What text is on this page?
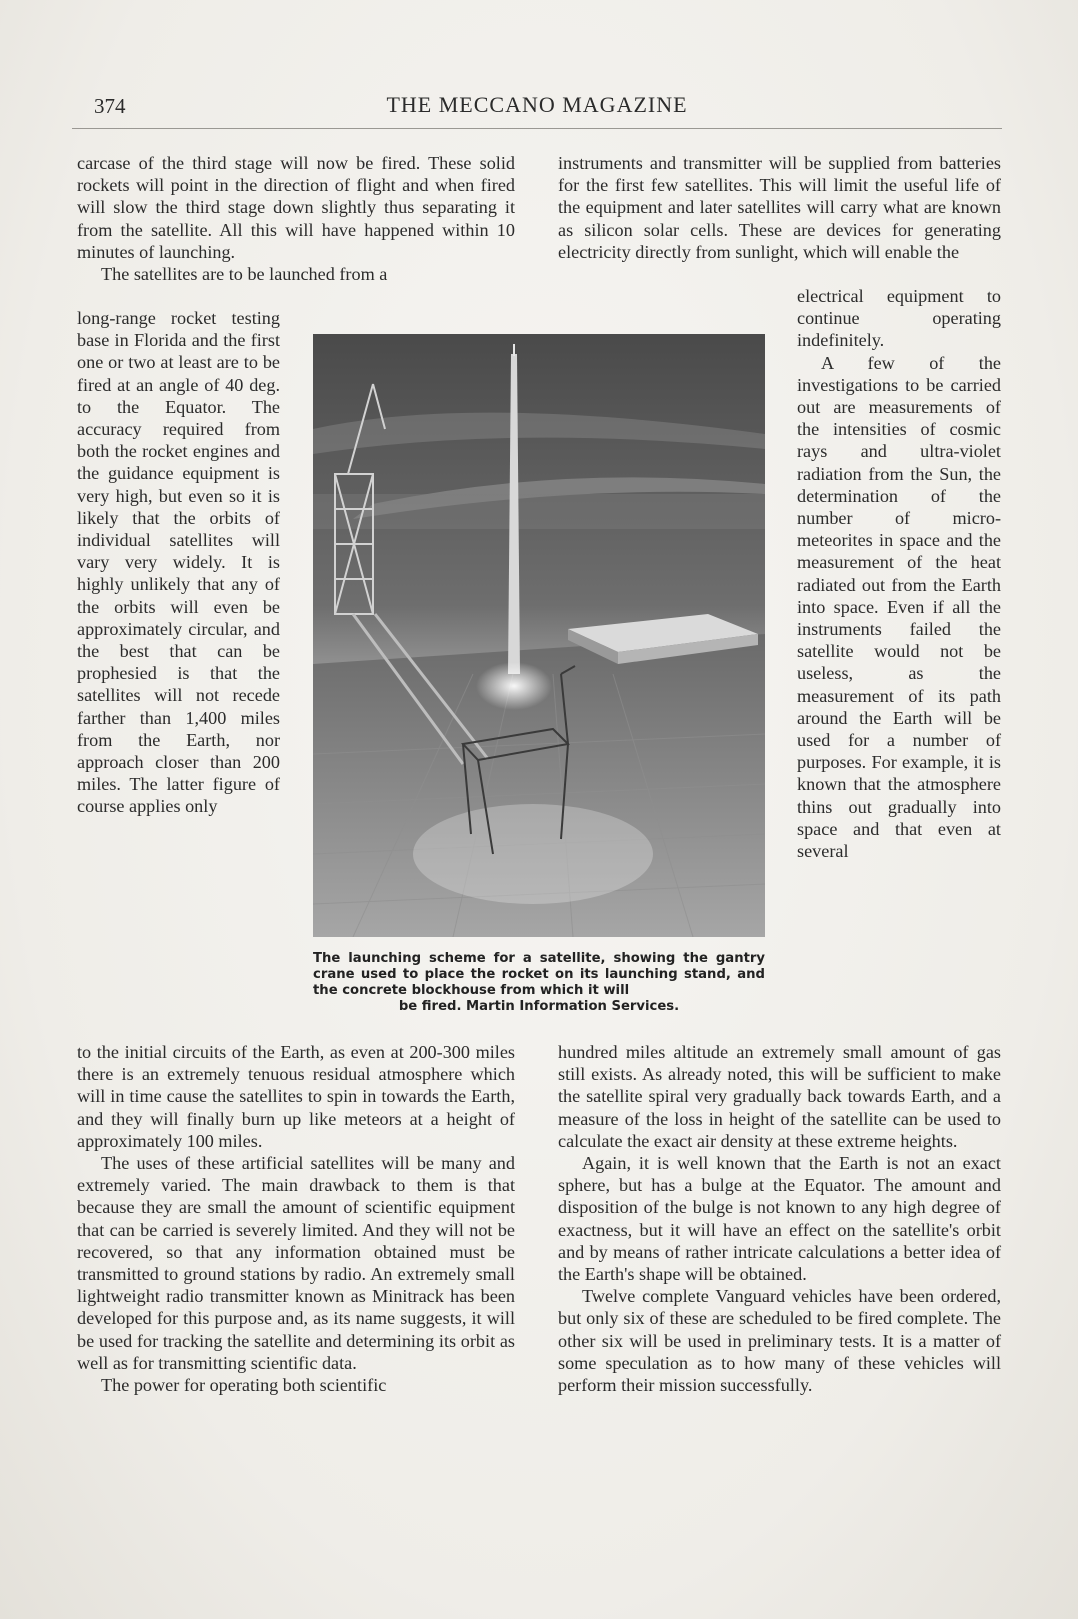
374	THE MECCANO MAGAZINE

carcase of the third stage will now be fired. These solid rockets will point in the direction of flight and when fired will slow the third stage down slightly thus separating it from the satellite. All this will have happened within 10 minutes of launching.

The satellites are to be launched from a

instruments and transmitter will be supplied from batteries for the first few satellites. This will limit the useful life of the equipment and later satellites will carry what are known as silicon solar cells. These are devices for generating electricity directly from sunlight, which will enable the

long-range rocket testing base in Florida and the first one or two at least are to be fired at an angle of 40 deg. to the Equator. The accuracy required from both the rocket engines and the guidance equipment is very high, but even so it is likely that the orbits of individual satellites will vary very widely. It is highly unlikely that any of the orbits will even be approximately circular, and the best that can be prophesied is that the satellites will not recede farther than 1,400 miles from the Earth, nor approach closer than 200 miles. The latter figure of course applies only

electrical equipment to continue operating indefinitely.

A few of the investigations to be carried out are measurements of the intensities of cosmic rays and ultra-violet radiation from the Sun, the determination of the number of micro-meteorites in space and the measurement of the heat radiated out from the Earth into space. Even if all the instruments failed the satellite would not be useless, as the measurement of its path around the Earth will be used for a number of purposes. For example, it is known that the atmosphere thins out gradually into space and that even at several

The launching scheme for a satellite, showing the gantry crane used to place the rocket on its launching stand, and the concrete blockhouse from which it will
be fired. Martin Information Services.

to the initial circuits of the Earth, as even at 200-300 miles there is an extremely tenuous residual atmosphere which will in time cause the satellites to spin in towards the Earth, and they will finally burn up like meteors at a height of approximately 100 miles.

The uses of these artificial satellites will be many and extremely varied. The main drawback to them is that because they are small the amount of scientific equipment that can be carried is severely limited. And they will not be recovered, so that any information obtained must be transmitted to ground stations by radio. An extremely small lightweight radio transmitter known as Minitrack has been developed for this purpose and, as its name suggests, it will be used for tracking the satellite and determining its orbit as well as for transmitting scientific data.

The power for operating both scientific

hundred miles altitude an extremely small amount of gas still exists. As already noted, this will be sufficient to make the satellite spiral very gradually back towards Earth, and a measure of the loss in height of the satellite can be used to calculate the exact air density at these extreme heights.

Again, it is well known that the Earth is not an exact sphere, but has a bulge at the Equator. The amount and disposition of the bulge is not known to any high degree of exactness, but it will have an effect on the satellite's orbit and by means of rather intricate calculations a better idea of the Earth's shape will be obtained.

Twelve complete Vanguard vehicles have been ordered, but only six of these are scheduled to be fired complete. The other six will be used in preliminary tests. It is a matter of some speculation as to how many of these vehicles will perform their mission successfully.
